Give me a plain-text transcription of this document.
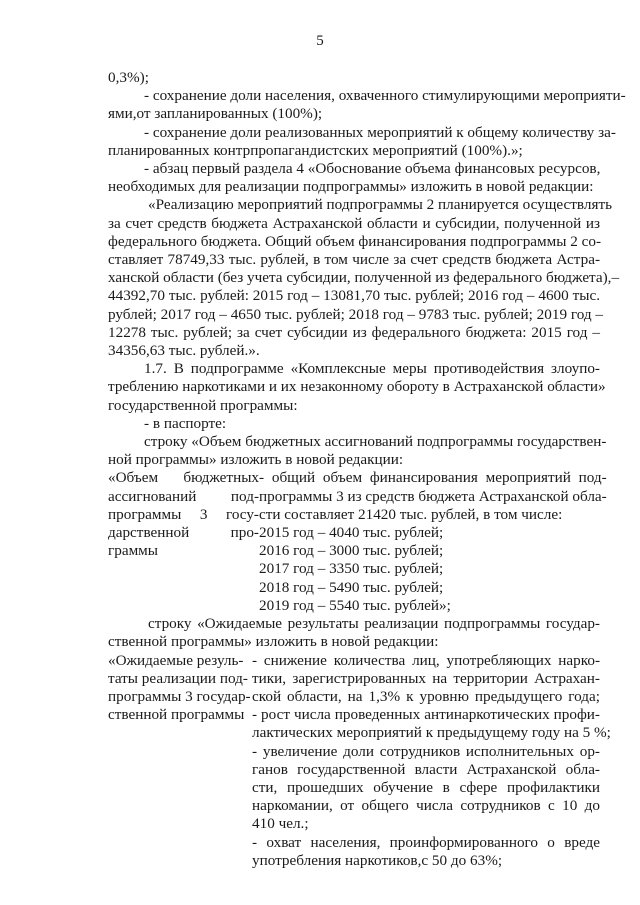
5
0,3%);
- сохранение доли населения, охваченного стимулирующими мероприяти-
ями,от запланированных (100%);
- сохранение доли реализованных мероприятий к общему количеству за-
планированных контрпропагандистских мероприятий (100%).»;
- абзац первый раздела 4 «Обоснование объема финансовых ресурсов,
необходимых для реализации подпрограммы» изложить в новой редакции:
«Реализацию мероприятий подпрограммы 2 планируется осуществлять
за счет средств бюджета Астраханской области и субсидии, полученной из
федерального бюджета. Общий объем финансирования подпрограммы 2 со-
ставляет 78749,33 тыс. рублей, в том числе за счет средств бюджета Астра-
ханской области (без учета субсидии, полученной из федерального бюджета),–
44392,70 тыс. рублей: 2015 год – 13081,70 тыс. рублей; 2016 год – 4600 тыс.
рублей; 2017 год – 4650 тыс. рублей; 2018 год – 9783 тыс. рублей; 2019 год –
12278 тыс. рублей; за счет субсидии из федерального бюджета: 2015 год –
34356,63 тыс. рублей.».
1.7. В подпрограмме «Комплексные меры противодействия злоупо-
треблению наркотиками и их незаконному обороту в Астраханской области»
государственной программы:
- в паспорте:
строку «Объем бюджетных ассигнований подпрограммы государствен-
ной программы» изложить в новой редакции:
«Объем бюджетных
ассигнований под-
программы 3 госу-
дарственной про-
граммы
- общий объем финансирования мероприятий под-
программы 3 из средств бюджета Астраханской обла-
сти составляет 21420 тыс. рублей, в том числе:
2015 год – 4040 тыс. рублей;
2016 год – 3000 тыс. рублей;
2017 год – 3350 тыс. рублей;
2018 год – 5490 тыс. рублей;
2019 год – 5540 тыс. рублей»;
строку «Ожидаемые результаты реализации подпрограммы государ-
ственной программы» изложить в новой редакции:
«Ожидаемые резуль-
таты реализации под-
программы 3 государ-
ственной программы
- снижение количества лиц, употребляющих нарко-
тики, зарегистрированных на территории Астрахан-
ской области, на 1,3% к уровню предыдущего года;
- рост числа проведенных антинаркотических профи-
лактических мероприятий к предыдущему году на 5 %;
- увеличение доли сотрудников исполнительных ор-
ганов государственной власти Астраханской обла-
сти, прошедших обучение в сфере профилактики
наркомании, от общего числа сотрудников с 10 до
410 чел.;
- охват населения, проинформированного о вреде
употребления наркотиков,с 50 до 63%;
